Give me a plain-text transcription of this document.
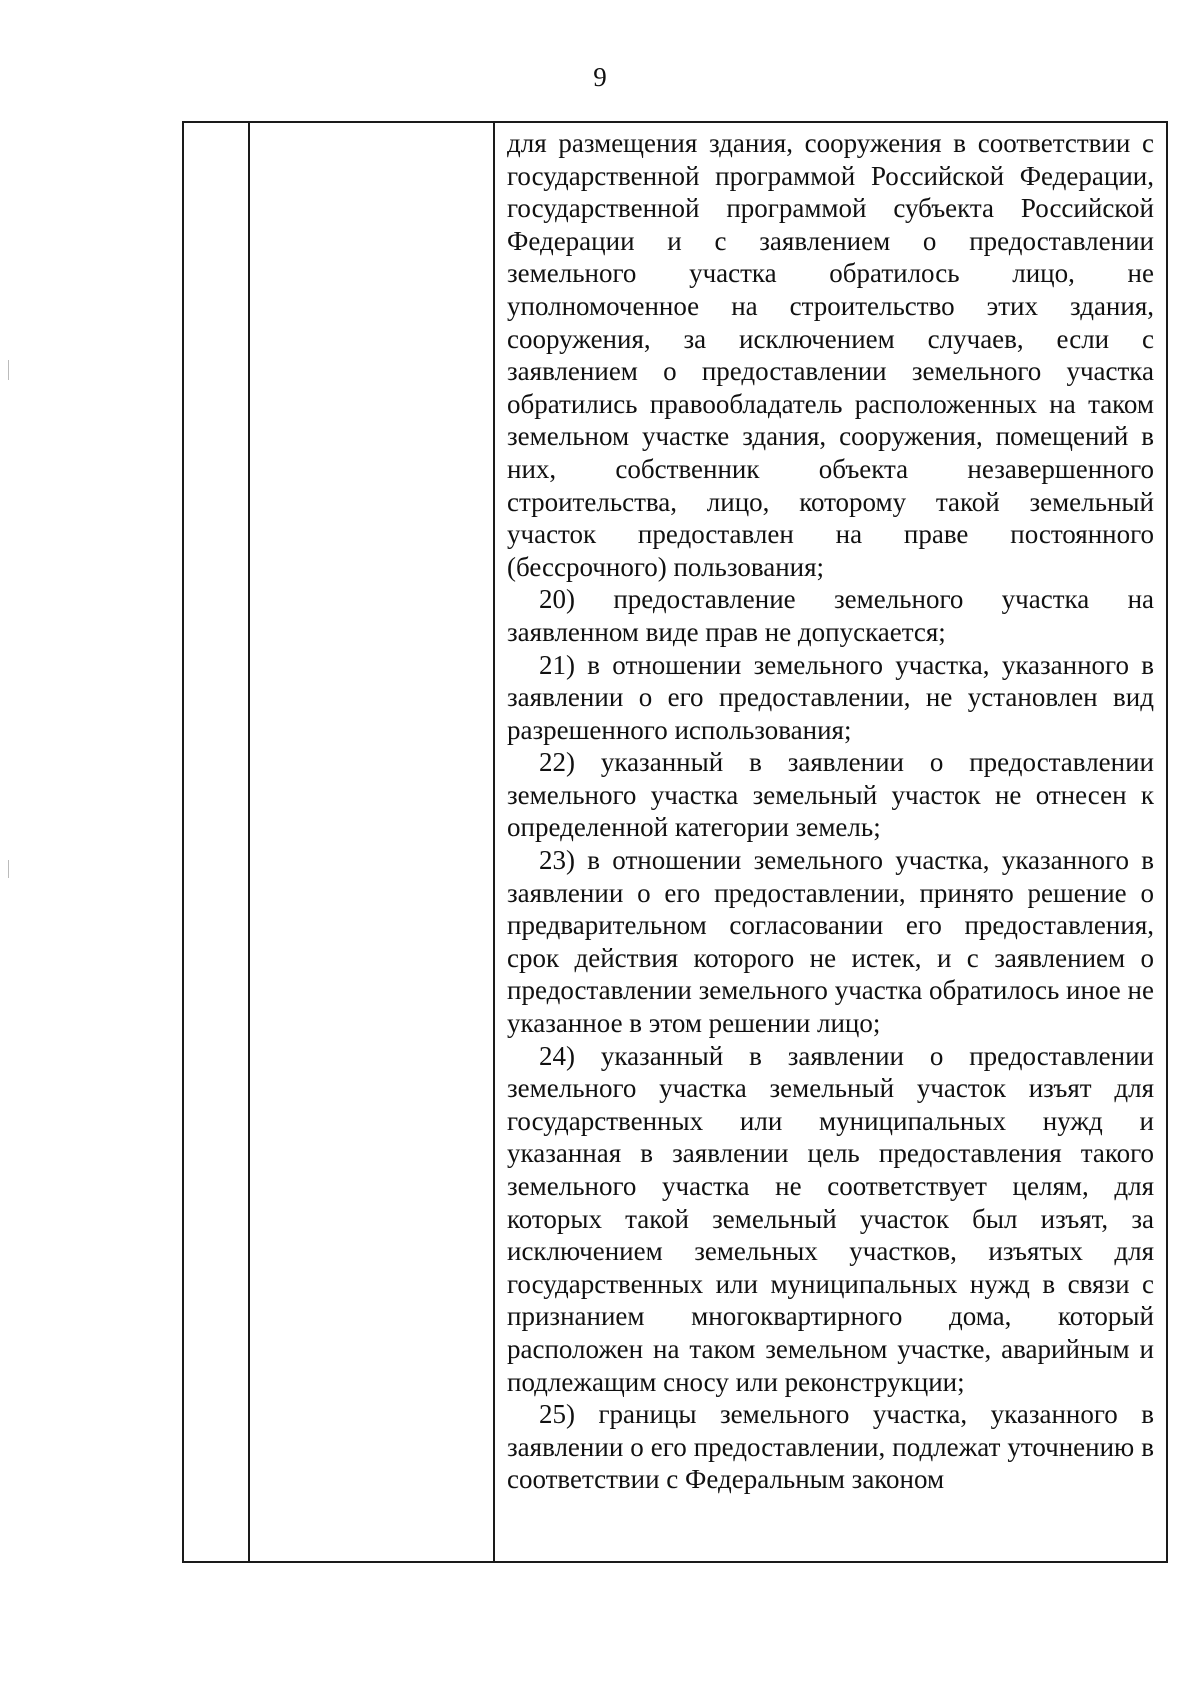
9

для размещения здания, сооружения в соответствии с государственной программой Российской Федерации, государственной программой субъекта Российской Федерации и с заявлением о предоставлении земельного участка обратилось лицо, не уполномоченное на строительство этих здания, сооружения, за исключением случаев, если с заявлением о предоставлении земельного участка обратились правообладатель расположенных на таком земельном участке здания, сооружения, помещений в них, собственник объекта незавершенного строительства, лицо, которому такой земельный участок предоставлен на праве постоянного (бессрочного) пользования;

20) предоставление земельного участка на заявленном виде прав не допускается;

21) в отношении земельного участка, указанного в заявлении о его предоставлении, не установлен вид разрешенного использования;

22) указанный в заявлении о предоставлении земельного участка земельный участок не отнесен к определенной категории земель;

23) в отношении земельного участка, указанного в заявлении о его предоставлении, принято решение о предварительном согласовании его предоставления, срок действия которого не истек, и с заявлением о предоставлении земельного участка обратилось иное не указанное в этом решении лицо;

24) указанный в заявлении о предоставлении земельного участка земельный участок изъят для государственных или муниципальных нужд и указанная в заявлении цель предоставления такого земельного участка не соответствует целям, для которых такой земельный участок был изъят, за исключением земельных участков, изъятых для государственных или муниципальных нужд в связи с признанием многоквартирного дома, который расположен на таком земельном участке, аварийным и подлежащим сносу или реконструкции;

25) границы земельного участка, указанного в заявлении о его предоставлении, подлежат уточнению в соответствии с Федеральным законом
